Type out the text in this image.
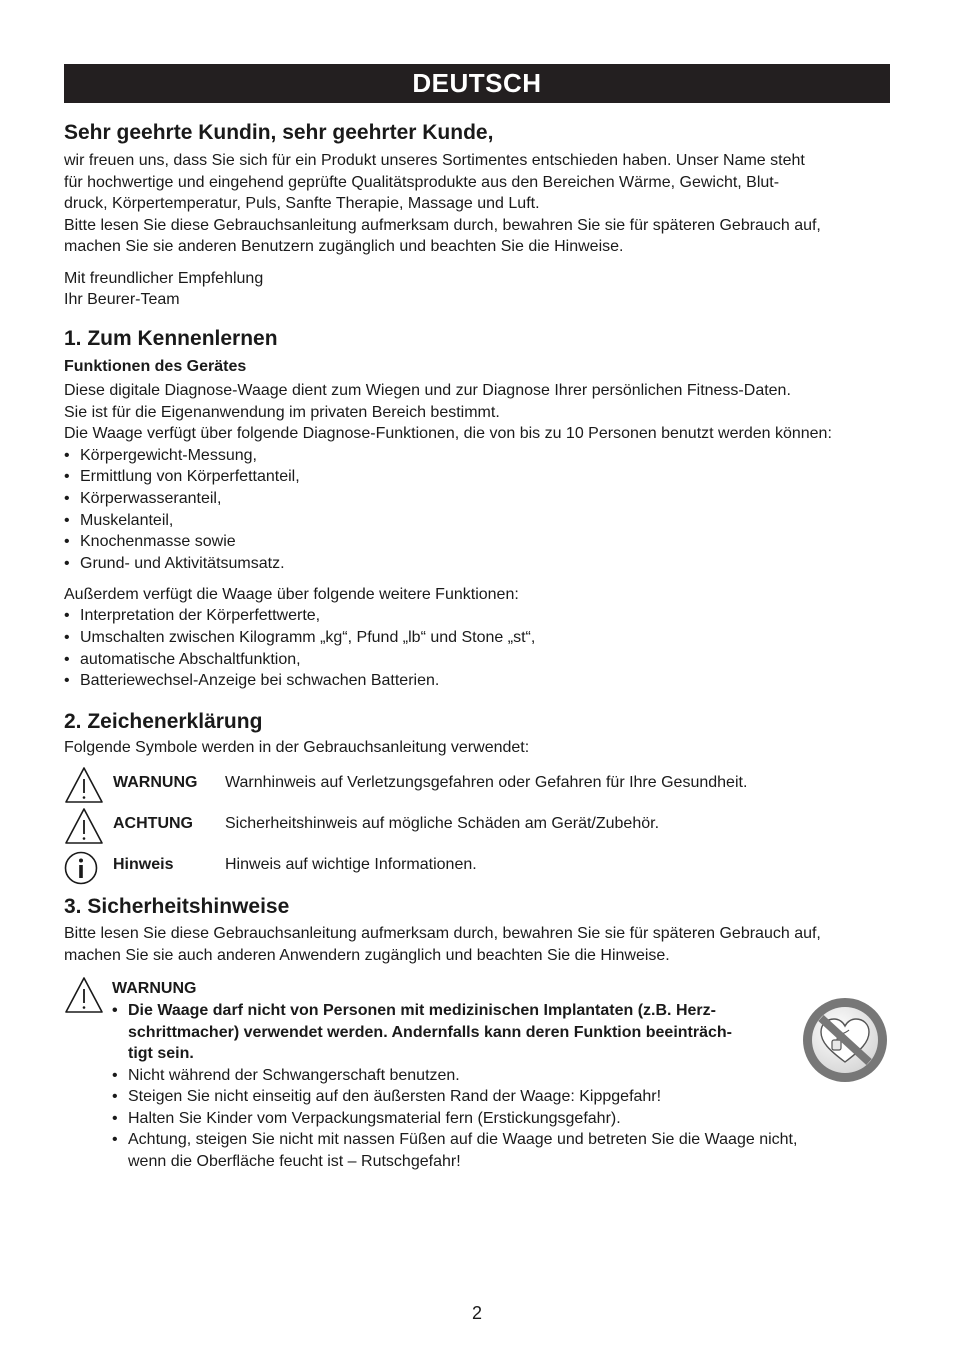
DEUTSCH
Sehr geehrte Kundin, sehr geehrter Kunde,

wir freuen uns, dass Sie sich für ein Produkt unseres Sortimentes entschieden haben. Unser Name steht

für hochwertige und eingehend geprüfte Qualitätsprodukte aus den Bereichen Wärme, Gewicht, Blut-

druck, Körpertemperatur, Puls, Sanfte Therapie, Massage und Luft.

Bitte lesen Sie diese Gebrauchsanleitung aufmerksam durch, bewahren Sie sie für späteren Gebrauch auf,

machen Sie sie anderen Benutzern zugänglich und beachten Sie die Hinweise.

Mit freundlicher Empfehlung

Ihr Beurer-Team

1. Zum Kennenlernen
Funktionen des Gerätes

Diese digitale Diagnose-Waage dient zum Wiegen und zur Diagnose Ihrer persönlichen Fitness-Daten.

Sie ist für die Eigenanwendung im privaten Bereich bestimmt.

Die Waage verfügt über folgende Diagnose-Funktionen, die von bis zu 10 Personen benutzt werden können:

• Körpergewicht-Messung,
• Ermittlung von Körperfettanteil,
• Körperwasseranteil,
• Muskelanteil,
• Knochenmasse sowie
• Grund- und Aktivitätsumsatz.

Außerdem verfügt die Waage über folgende weitere Funktionen:

• Interpretation der Körperfettwerte,
• Umschalten zwischen Kilogramm „kg“, Pfund „lb“ und Stone „st“,
• automatische Abschaltfunktion,
• Batteriewechsel-Anzeige bei schwachen Batterien.
2. Zeichenerklärung

Folgende Symbole werden in der Gebrauchsanleitung verwendet:

WARNUNG Warnhinweis auf Verletzungsgefahren oder Gefahren für Ihre Gesundheit.
ACHTUNG Sicherheitshinweis auf mögliche Schäden am Gerät/Zubehör.
Hinweis	Hinweis auf wichtige Informationen.
3. Sicherheitshinweise

Bitte lesen Sie diese Gebrauchsanleitung aufmerksam durch, bewahren Sie sie für späteren Gebrauch auf,

machen Sie sie auch anderen Anwendern zugänglich und beachten Sie die Hinweise.

WARNUNG
• Die Waage darf nicht von Personen mit medizinischen Implantaten (z.B. Herz-
schrittmacher) verwendet werden. Andernfalls kann deren Funktion beeinträch-
tigt sein.
• Nicht während der Schwangerschaft benutzen.
• Steigen Sie nicht einseitig auf den äußersten Rand der Waage: Kippgefahr!
• Halten Sie Kinder vom Verpackungsmaterial fern (Erstickungsgefahr).
• Achtung, steigen Sie nicht mit nassen Füßen auf die Waage und betreten Sie die Waage nicht,
wenn die Oberfläche feucht ist – Rutschgefahr!
2
